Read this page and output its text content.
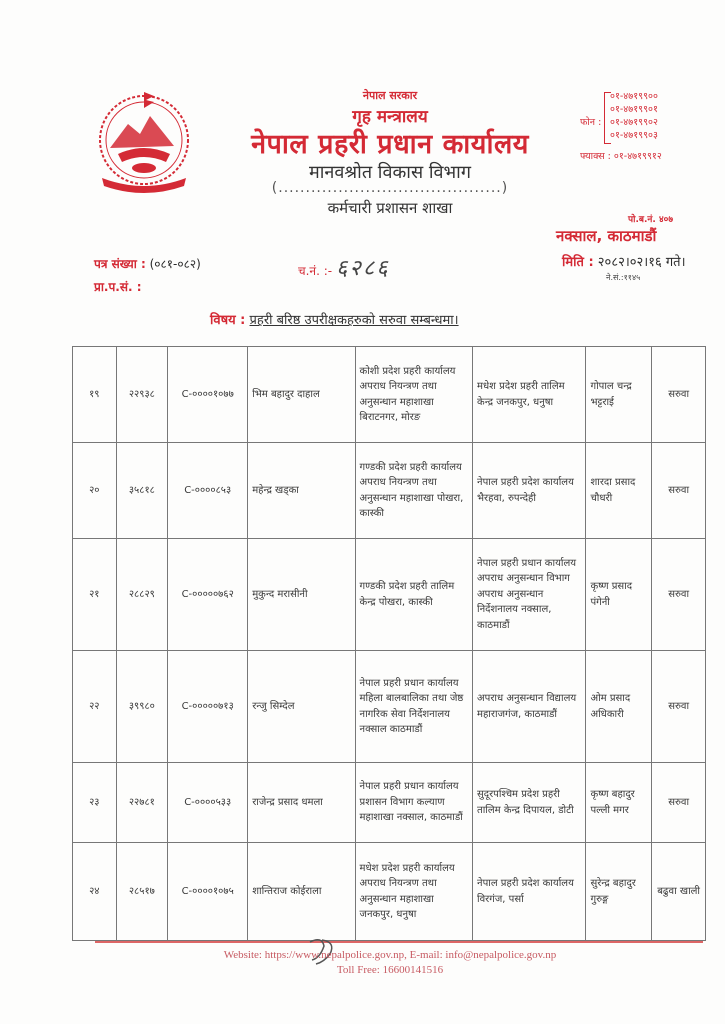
नेपाल सरकार
गृह मन्त्रालय
नेपाल प्रहरी प्रधान कार्यालय
मानवश्रोत विकास विभाग
(.........................................)
कर्मचारी प्रशासन शाखा
फोन :
०१-४७१९९००
०१-४७१९९०१
०१-४७१९९०२
०१-४७१९९०३
फ्याक्स : ०१-४७१९९१२
पो.ब.नं. ४०७
नक्साल, काठमाडौं
पत्र संख्या : (०८१-०८२)	च.नं. :- ६२८६
प्रा.प.सं. :
मिति : २०८२।०२।१६ गते।
ने.सं.:११४५
विषय : प्रहरी बरिष्ठ उपरीक्षकहरुको सरुवा सम्बन्धमा।
१९	२२९३८	C-००००१०७७	भिम बहादुर दाहाल	कोशी प्रदेश प्रहरी कार्यालय अपराध नियन्त्रण तथा अनुसन्धान महाशाखा बिराटनगर, मोरङ	मधेश प्रदेश प्रहरी तालिम केन्द्र जनकपुर, धनुषा	गोपाल चन्द्र भट्टराई	सरुवा
२०	३५८१८	C-००००८५३	महेन्द्र खड्का	गण्डकी प्रदेश प्रहरी कार्यालय अपराध नियन्त्रण तथा अनुसन्धान महाशाखा पोखरा, कास्की	नेपाल प्रहरी प्रदेश कार्यालय भैरहवा, रुपन्देही	शारदा प्रसाद चौधरी	सरुवा
२१	२८८२९	C-०००००७६२	मुकुन्द मरासीनी	गण्डकी प्रदेश प्रहरी तालिम केन्द्र पोखरा, कास्की	नेपाल प्रहरी प्रधान कार्यालय अपराध अनुसन्धान विभाग अपराध अनुसन्धान निर्देशनालय नक्साल, काठमाडौं	कृष्ण प्रसाद पंगेनी	सरुवा
२२	३९९८०	C-०००००७१३	रन्जु सिम्देल	नेपाल प्रहरी प्रधान कार्यालय महिला बालबालिका तथा जेष्ठ नागरिक सेवा निर्देशनालय नक्साल काठमाडौं	अपराध अनुसन्धान विद्यालय महाराजगंज, काठमाडौं	ओम प्रसाद अधिकारी	सरुवा
२३	२२७८१	C-००००५३३	राजेन्द्र प्रसाद धमला	नेपाल प्रहरी प्रधान कार्यालय प्रशासन विभाग कल्याण महाशाखा नक्साल, काठमाडौं	सुदूरपश्चिम प्रदेश प्रहरी तालिम केन्द्र दिपायल, डोटी	कृष्ण बहादुर पल्ली मगर	सरुवा
२४	२८५१७	C-००००१०७५	शान्तिराज कोईराला	मधेश प्रदेश प्रहरी कार्यालय अपराध नियन्त्रण तथा अनुसन्धान महाशाखा जनकपुर, धनुषा	नेपाल प्रहरी प्रदेश कार्यालय विरगंज, पर्सा	सुरेन्द्र बहादुर गुरुङ्ग	बढुवा खाली
Website: https://www.nepalpolice.gov.np, E-mail: info@nepalpolice.gov.np
Toll Free: 16600141516
